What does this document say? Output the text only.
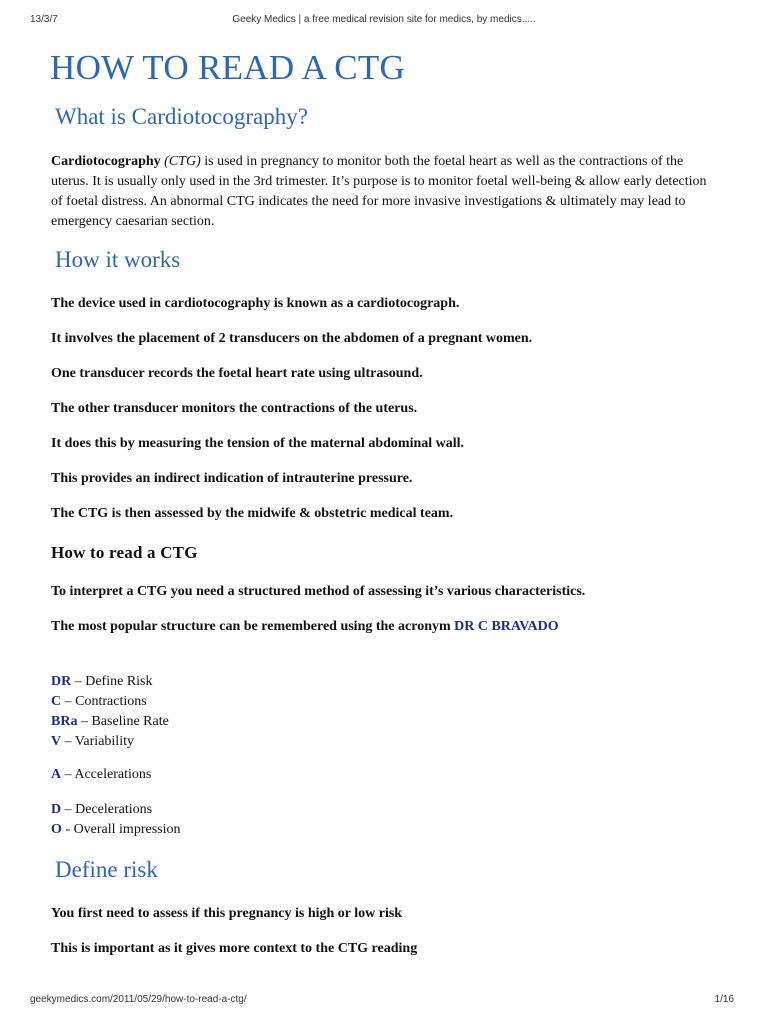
13/3/7	Geeky Medics | a free medical revision site for medics, by medics.....
HOW TO READ A CTG
What is Cardiotocography?
Cardiotocography (CTG) is used in pregnancy to monitor both the foetal heart as well as the contractions of the uterus. It is usually only used in the 3rd trimester. It’s purpose is to monitor foetal well-being & allow early detection of foetal distress. An abnormal CTG indicates the need for more invasive investigations & ultimately may lead to emergency caesarian section.
How it works
The device used in cardiotocography is known as a cardiotocograph.
It involves the placement of 2 transducers on the abdomen of a pregnant women.
One transducer records the foetal heart rate using ultrasound.
The other transducer monitors the contractions of the uterus.
It does this by measuring the tension of the maternal abdominal wall.
This provides an indirect indication of intrauterine pressure.
The CTG is then assessed by the midwife & obstetric medical team.
How to read a CTG
To interpret a CTG you need a structured method of assessing it’s various characteristics.
The most popular structure can be remembered using the acronym DR C BRAVADO
DR – Define Risk
C – Contractions
BRa – Baseline Rate
V – Variability
A – Accelerations
D – Decelerations
O - Overall impression
Define risk
You first need to assess if this pregnancy is high or low risk
This is important as it gives more context to the CTG reading
geekymedics.com/2011/05/29/how-to-read-a-ctg/	1/16
